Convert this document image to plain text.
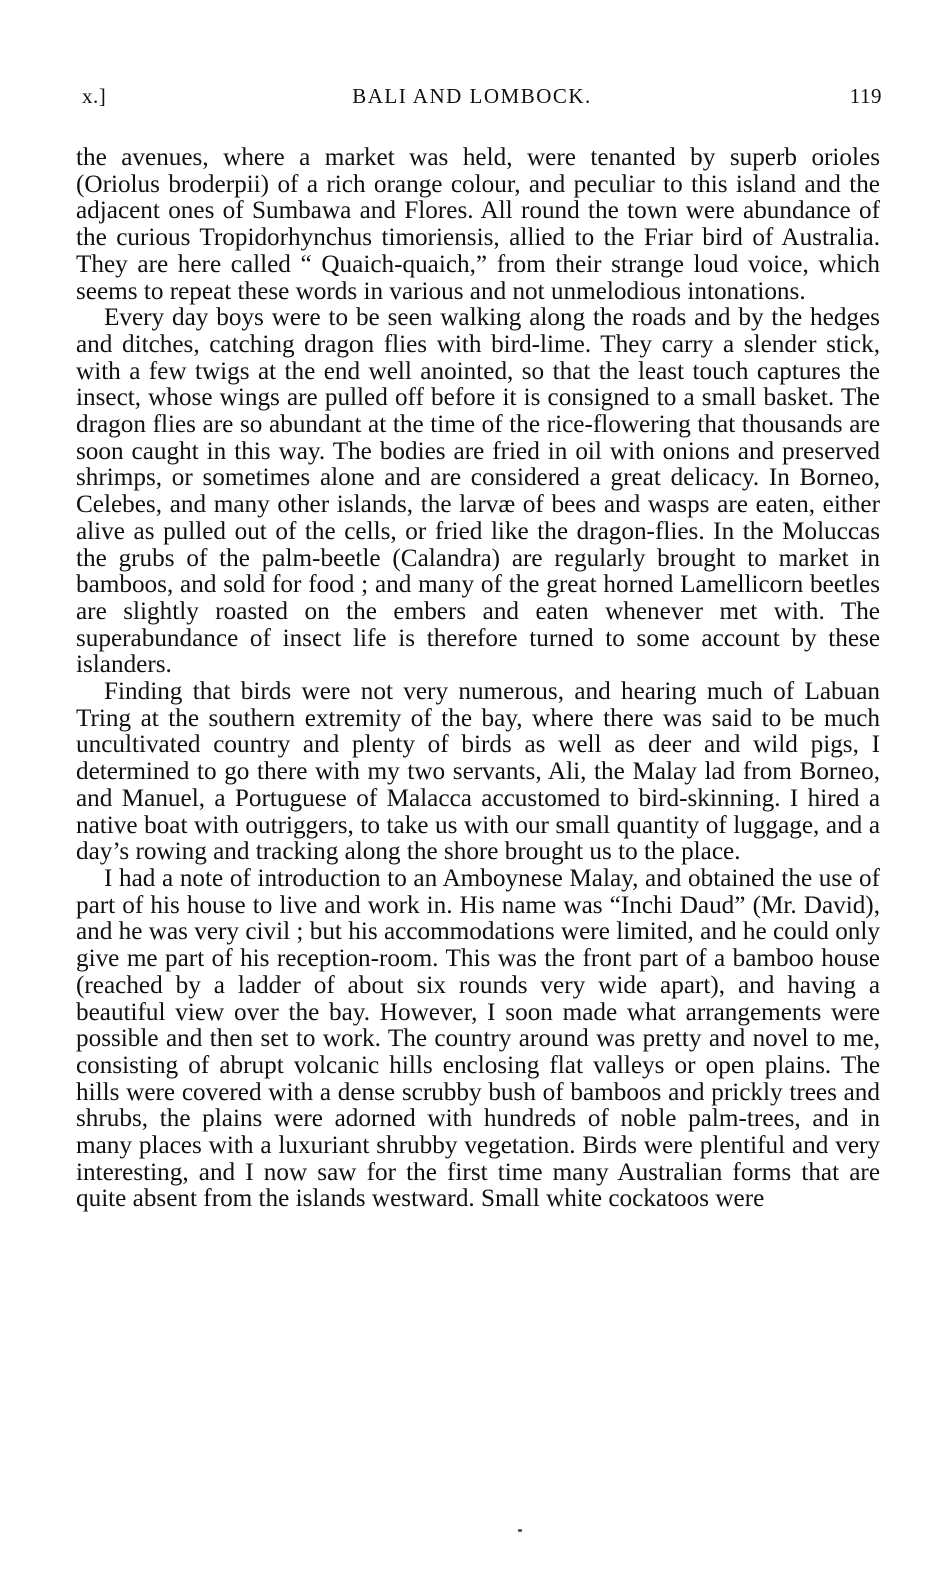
x.]	BALI AND LOMBOCK.	119

the avenues, where a market was held, were tenanted by superb orioles (Oriolus broderpii) of a rich orange colour, and peculiar to this island and the adjacent ones of Sumbawa and Flores. All round the town were abundance of the curious Tropidorhynchus timoriensis, allied to the Friar bird of Australia. They are here called “ Quaich-quaich,” from their strange loud voice, which seems to repeat these words in various and not unmelodious intonations.

Every day boys were to be seen walking along the roads and by the hedges and ditches, catching dragon flies with bird-lime. They carry a slender stick, with a few twigs at the end well anointed, so that the least touch captures the insect, whose wings are pulled off before it is consigned to a small basket. The dragon flies are so abundant at the time of the rice-flowering that thousands are soon caught in this way. The bodies are fried in oil with onions and preserved shrimps, or sometimes alone and are considered a great delicacy. In Borneo, Celebes, and many other islands, the larvæ of bees and wasps are eaten, either alive as pulled out of the cells, or fried like the dragon-flies. In the Moluccas the grubs of the palm-beetle (Calandra) are regularly brought to market in bamboos, and sold for food ; and many of the great horned Lamellicorn beetles are slightly roasted on the embers and eaten whenever met with. The superabundance of insect life is therefore turned to some account by these islanders.

Finding that birds were not very numerous, and hearing much of Labuan Tring at the southern extremity of the bay, where there was said to be much uncultivated country and plenty of birds as well as deer and wild pigs, I determined to go there with my two servants, Ali, the Malay lad from Borneo, and Manuel, a Portuguese of Malacca accustomed to bird-skinning. I hired a native boat with outriggers, to take us with our small quantity of luggage, and a day’s rowing and tracking along the shore brought us to the place.

I had a note of introduction to an Amboynese Malay, and obtained the use of part of his house to live and work in. His name was “Inchi Daud” (Mr. David), and he was very civil ; but his accommodations were limited, and he could only give me part of his reception-room. This was the front part of a bamboo house (reached by a ladder of about six rounds very wide apart), and having a beautiful view over the bay. However, I soon made what arrangements were possible and then set to work. The country around was pretty and novel to me, consisting of abrupt volcanic hills enclosing flat valleys or open plains. The hills were covered with a dense scrubby bush of bamboos and prickly trees and shrubs, the plains were adorned with hundreds of noble palm-trees, and in many places with a luxuriant shrubby vegetation. Birds were plentiful and very interesting, and I now saw for the first time many Australian forms that are quite absent from the islands westward. Small white cockatoos were
